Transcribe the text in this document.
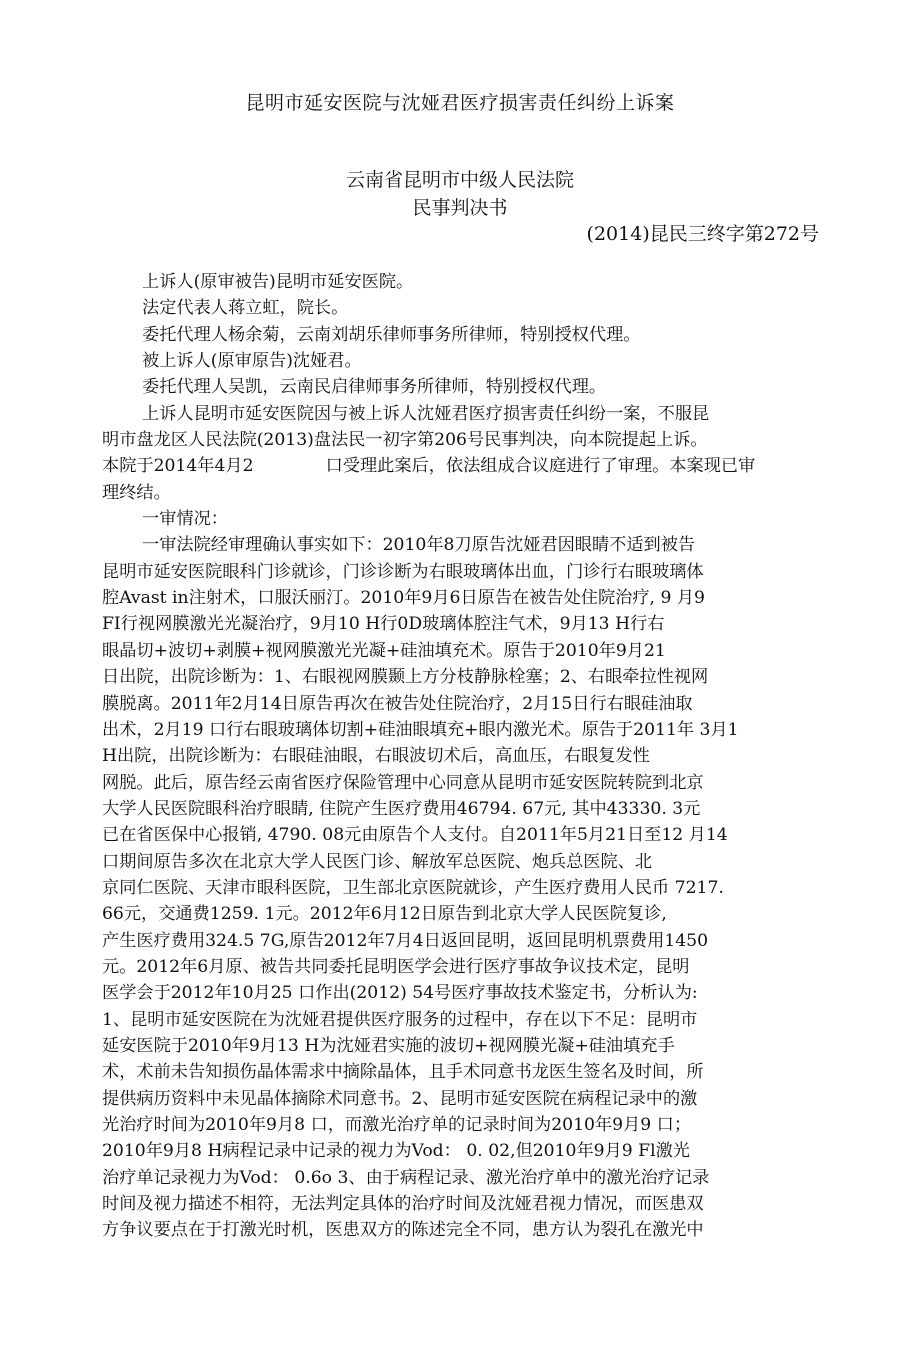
昆明市延安医院与沈娅君医疗损害责任纠纷上诉案
云南省昆明市中级人民法院
民事判决书
(2014)昆民三终字第272号
上诉人(原审被告)昆明市延安医院。
法定代表人蒋立虹，院长。
委托代理人杨余菊，云南刘胡乐律师事务所律师，特别授权代理。
被上诉人(原审原告)沈娅君。
委托代理人吴凯，云南民启律师事务所律师，特别授权代理。
上诉人昆明市延安医院因与被上诉人沈娅君医疗损害责任纠纷一案，不服昆
明市盘龙区人民法院(2013)盘法民一初字第206号民事判决，向本院提起上诉。
本院于2014年4月2	口受理此案后，依法组成合议庭进行了审理。本案现已审
理终结。
一审情况：
一审法院经审理确认事实如下：2010年8刀原告沈娅君因眼睛不适到被告
昆明市延安医院眼科门诊就诊，门诊诊断为右眼玻璃体出血，门诊行右眼玻璃体
腔Avast in注射术，口服沃丽汀。2010年9月6日原告在被告处住院治疗, 9 月9
FI行视网膜激光光凝治疗，9月10 H行0D玻璃体腔注气术，9月13 H行右
眼晶切+波切+剥膜+视网膜激光光凝+硅油填充术。原告于2010年9月21
日出院，出院诊断为：1、右眼视网膜颞上方分枝静脉栓塞；2、右眼牵拉性视网
膜脱离。2011年2月14日原告再次在被告处住院治疗，2月15日行右眼硅油取
出术，2月19 口行右眼玻璃体切割+硅油眼填充+眼内激光术。原告于2011年 3月1
H出院，出院诊断为：右眼硅油眼，右眼波切术后，高血压，右眼复发性
网脱。此后，原告经云南省医疗保险管理中心同意从昆明市延安医院转院到北京
大学人民医院眼科治疗眼睛, 住院产生医疗费用46794. 67元, 其中43330. 3元
已在省医保中心报销, 4790. 08元由原告个人支付。自2011年5月21日至12 月14
口期间原告多次在北京大学人民医门诊、解放军总医院、炮兵总医院、北
京同仁医院、天津市眼科医院，卫生部北京医院就诊，产生医疗费用人民币 7217.
66元，交通费1259. 1元。2012年6月12日原告到北京大学人民医院复诊,
产生医疗费用324.5 7G,原告2012年7月4日返回昆明，返回昆明机票费用1450
元。2012年6月原、被告共同委托昆明医学会进行医疗事故争议技术定，昆明
医学会于2012年10月25 口作出(2012) 54号医疗事故技术鉴定书，分析认为:
1、昆明市延安医院在为沈娅君提供医疗服务的过程中，存在以下不足：昆明市
延安医院于2010年9月13 H为沈娅君实施的波切+视网膜光凝+硅油填充手
术，术前未告知损伤晶体需求中摘除晶体，且手术同意书龙医生签名及时间，所
提供病历资料中未见晶体摘除术同意书。2、昆明市延安医院在病程记录中的激
光治疗时间为2010年9月8 口，而激光治疗单的记录时间为2010年9月9 口；
2010年9月8 H病程记录中记录的视力为Vod： 0. 02,但2010年9月9 Fl激光
治疗单记录视力为Vod： 0.6o 3、由于病程记录、激光治疗单中的激光治疗记录
时间及视力描述不相符，无法判定具体的治疗时间及沈娅君视力情况，而医患双
方争议要点在于打激光时机，医患双方的陈述完全不同，患方认为裂孔在激光中
